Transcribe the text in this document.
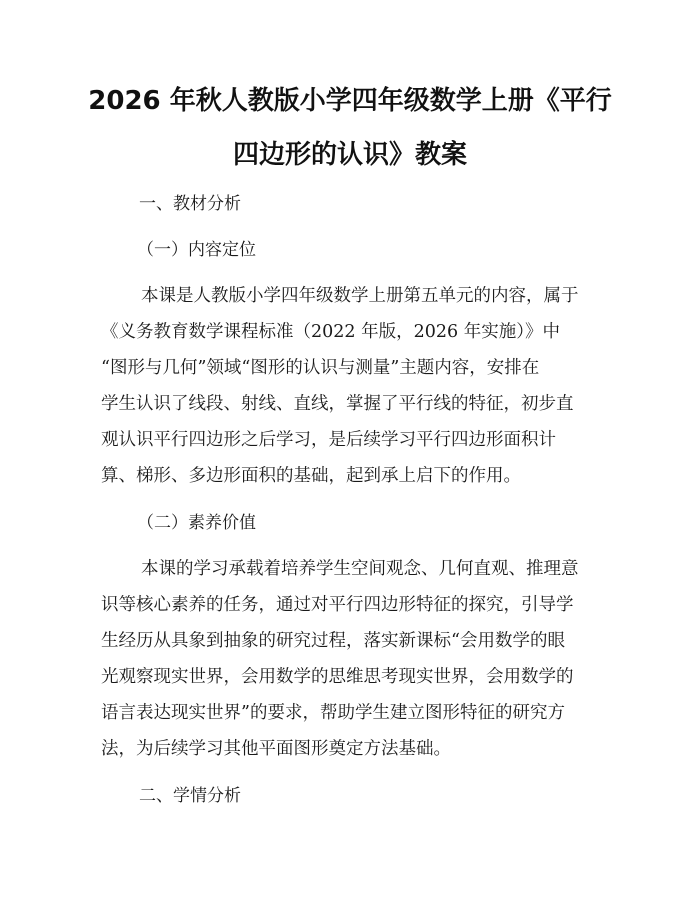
2026 年秋人教版小学四年级数学上册《平行
四边形的认识》教案
一、教材分析
（一）内容定位
本课是人教版小学四年级数学上册第五单元的内容，属于
《义务教育数学课程标准（2022 年版，2026 年实施）》中
“图形与几何”领域“图形的认识与测量”主题内容，安排在
学生认识了线段、射线、直线，掌握了平行线的特征，初步直
观认识平行四边形之后学习，是后续学习平行四边形面积计
算、梯形、多边形面积的基础，起到承上启下的作用。
（二）素养价值
本课的学习承载着培养学生空间观念、几何直观、推理意
识等核心素养的任务，通过对平行四边形特征的探究，引导学
生经历从具象到抽象的研究过程，落实新课标“会用数学的眼
光观察现实世界，会用数学的思维思考现实世界，会用数学的
语言表达现实世界”的要求，帮助学生建立图形特征的研究方
法，为后续学习其他平面图形奠定方法基础。
二、学情分析
